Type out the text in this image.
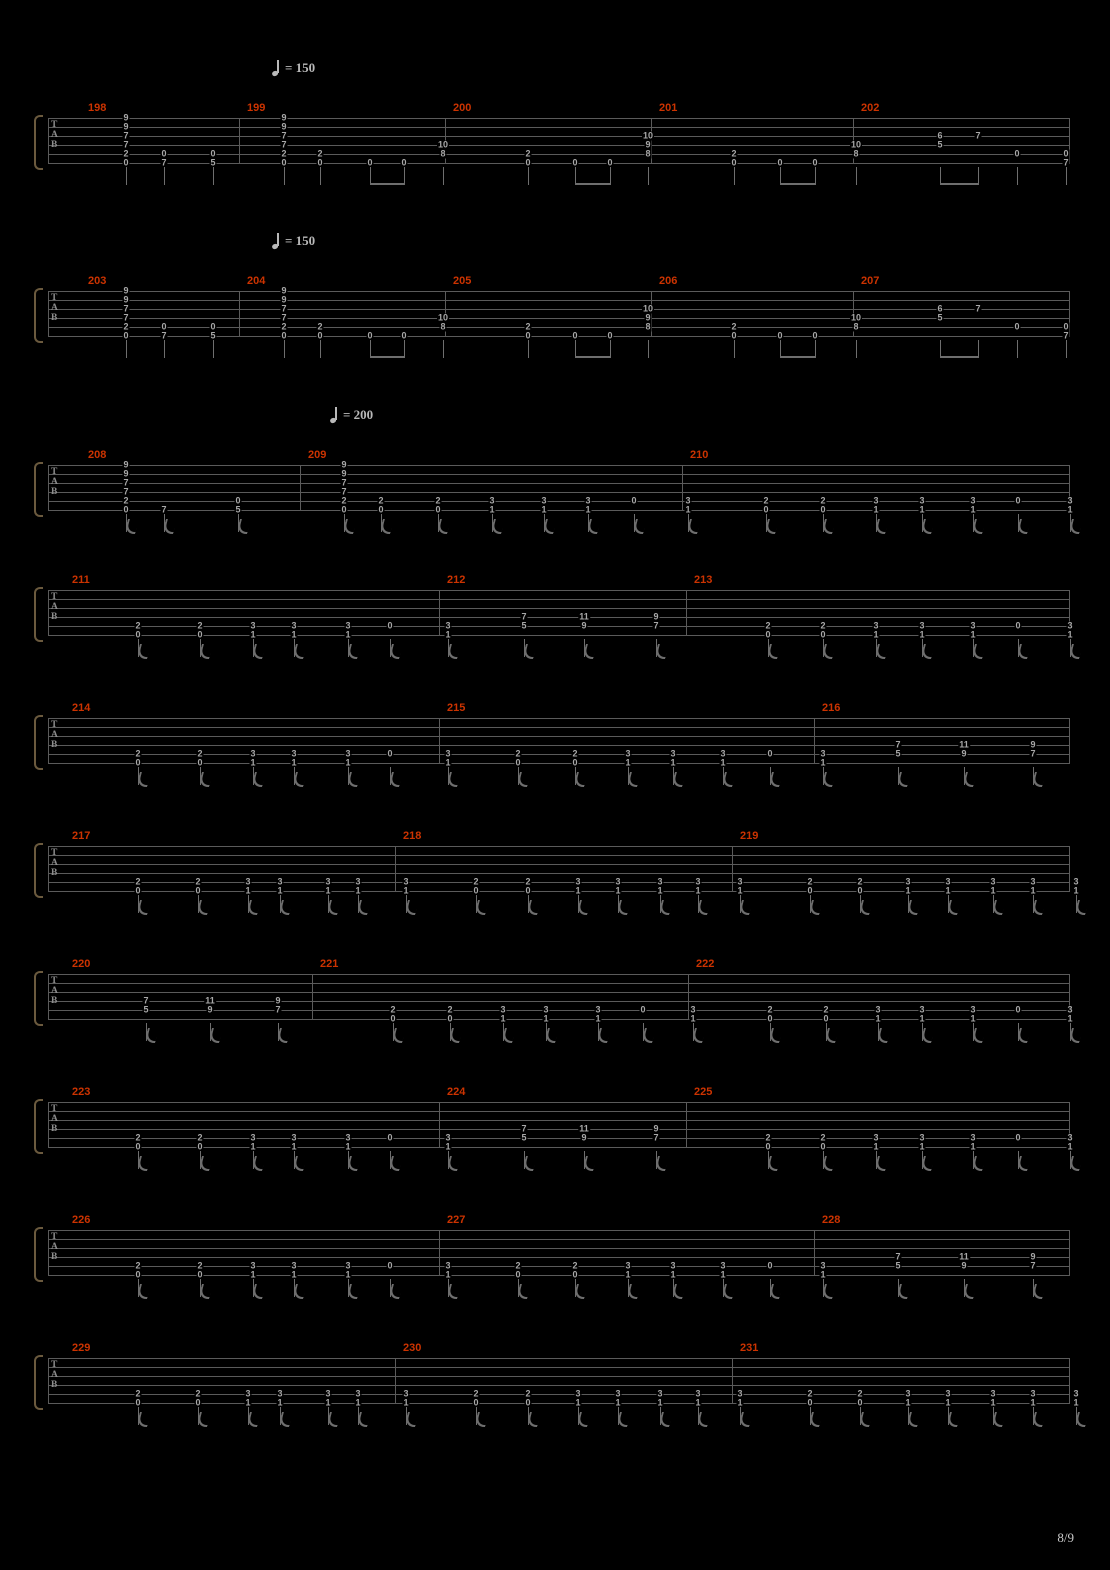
= 150
= 150
= 200
198	199	200	201	202
T
A
B
9
9
7
7
2
0
0
7
0
5
9
9
7
7
2
0
2
0	0	0
10
8	2
0	0	0
10
9
8	2
0	0	0
10
8
6
5
7
0	0
7
203	204	205	206	207
T
A
B
9
9
7
7
2
0
0
7
0
5
9
9
7
7
2
0
2
0	0	0
10
8	2
0	0	0
10
9
8	2
0	0	0
10
8
6
5
7
0	0
7
208	209	210
T
A
B
9
9
7
7
2
0	7
0
5
9
9
7
7
2
0
2
0
2
0
3
1
3
1
3
1
0	3
1
2
0
2
0
3
1
3
1
3
1
0	3
1
211	212	213
T
A
B
2
0
2
0
3
1
3
1
3
1
0	3
1
7
5
11
9
9
7	2
0
2
0
3
1
3
1
3
1
0	3
1
214	215	216
T
A
B
2
0
2
0
3
1
3
1
3
1
0	3
1
2
0
2
0
3
1
3
1
3
1
0	3
1
7
5
11
9
9
7
217	218	219
T
A
B
2
0
2
0
3
1
3
1
3
1
3
1
3
1
2
0
2
0
3
1
3
1
3
1
3
1
3
1
2
0
2
0
3
1
3
1
3
1
3
1
3
1
220	221	222
T
A
B	7
5
11
9
9
7	2
0
2
0
3
1
3
1
3
1
0	3
1
2
0
2
0
3
1
3
1
3
1
0	3
1
223	224	225
T
A
B
2
0
2
0
3
1
3
1
3
1
0	3
1
7
5
11
9
9
7	2
0
2
0
3
1
3
1
3
1
0	3
1
226	227	228
T
A
B
2
0
2
0
3
1
3
1
3
1
0	3
1
2
0
2
0
3
1
3
1
3
1
0	3
1
7
5
11
9
9
7
229	230	231
T
A
B
2
0
2
0
3
1
3
1
3
1
3
1
3
1
2
0
2
0
3
1
3
1
3
1
3
1
3
1
2
0
2
0
3
1
3
1
3
1
3
1
3
1
8/9
